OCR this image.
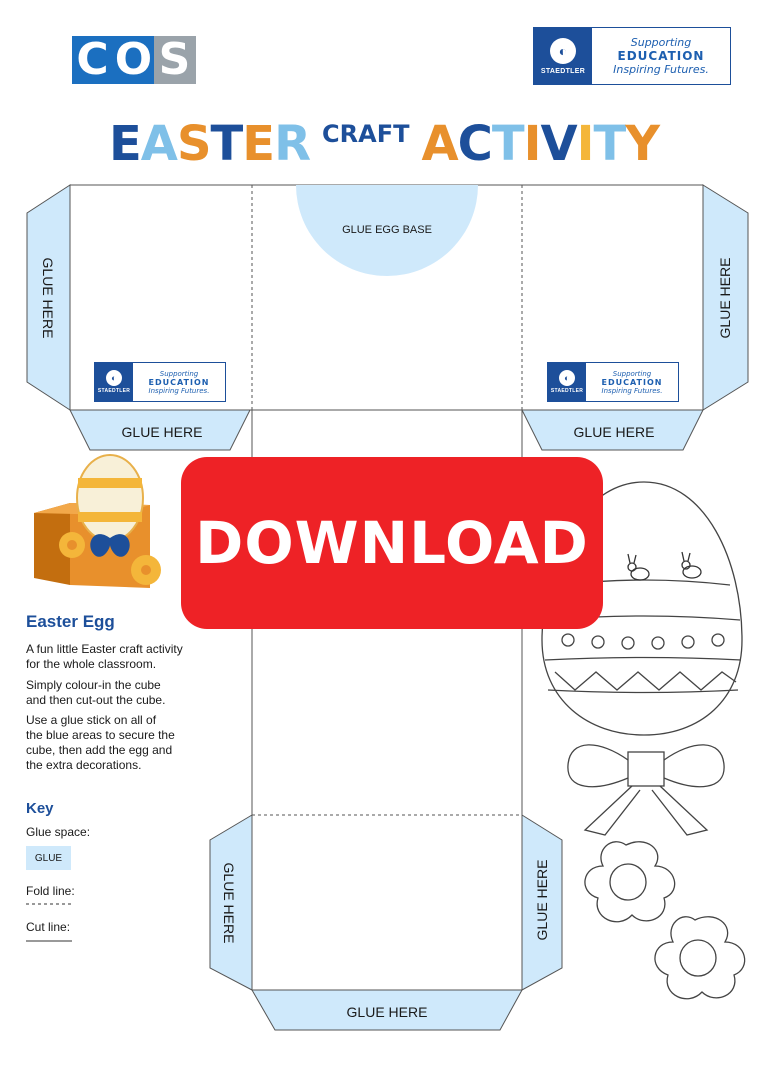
C O S	◐
STAEDTLER
Supporting
EDUCATION
Inspiring Futures.
EASTER CRAFT ACTIVITY
◐
STAEDTLER
Supporting
EDUCATION
Inspiring Futures.
◐
STAEDTLER
Supporting
EDUCATION
Inspiring Futures.
GLUE EGG BASE
GLUE HERE	GLUE HERE
GLUE HERE	GLUE HERE
GLUE HERE	GLUE HERE
GLUE HERE
DOWNLOAD
Easter Egg
A fun little Easter craft activity for the whole classroom.
Simply colour-in the cube and then cut-out the cube.
Use a glue stick on all of the blue areas to secure the cube, then add the egg and the extra decorations.
Key
Glue space:
GLUE
Fold line:
Cut line:
